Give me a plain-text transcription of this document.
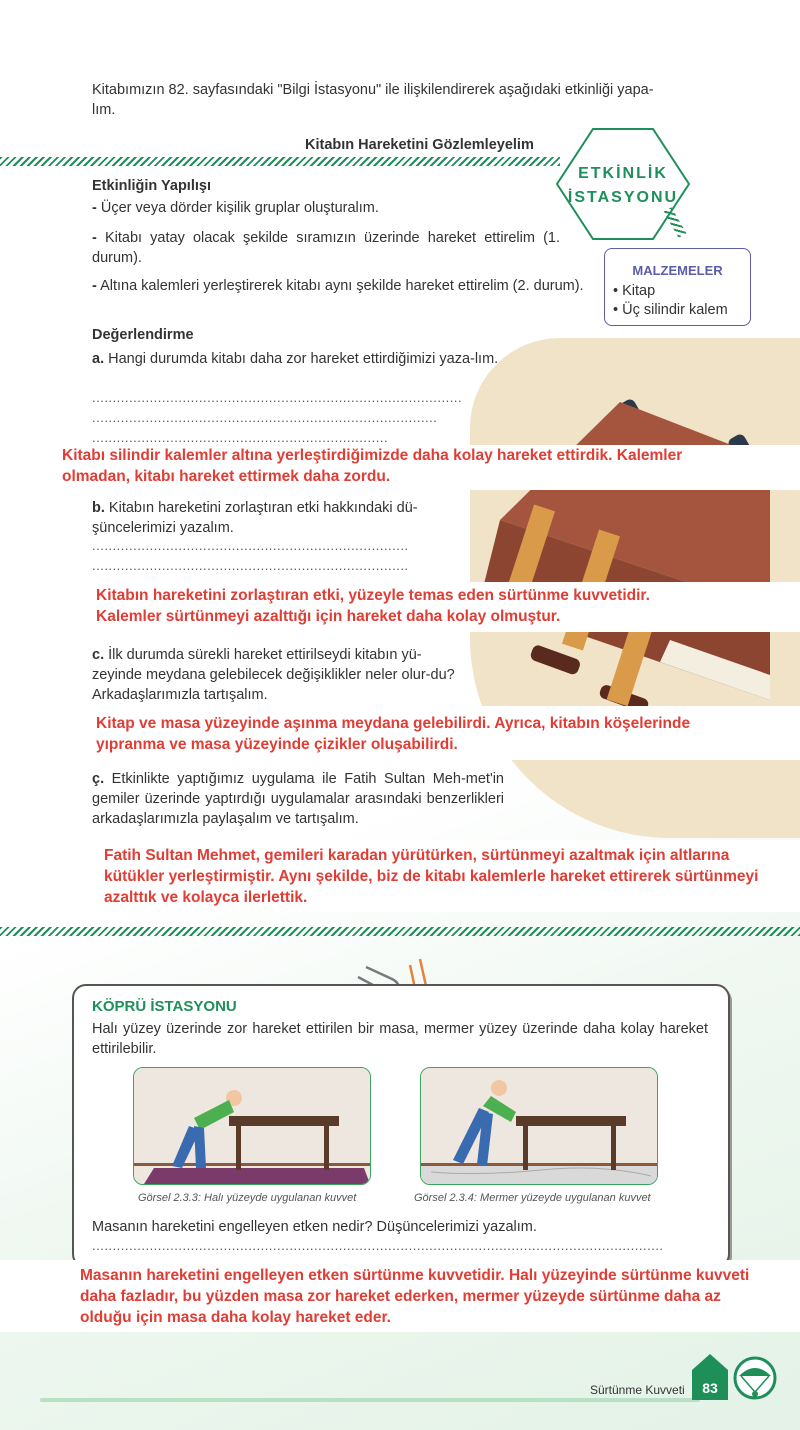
Kitabımızın 82. sayfasındaki "Bilgi İstasyonu" ile ilişkilendirerek aşağıdaki etkinliği yapa-
lım.
Kitabın Hareketini Gözlemleyelim
ETKİNLİK
İSTASYONU
MALZEMELER
• Kitap
• Üç silindir kalem
Etkinliğin Yapılışı
- Üçer veya dörder kişilik gruplar oluşturalım.
- Kitabı yatay olacak şekilde sıramızın üzerinde hareket ettirelim (1. durum).
- Altına kalemleri yerleştirerek kitabı aynı şekilde hareket ettirelim (2. durum).
Değerlendirme
a. Hangi durumda kitabı daha zor hareket ettirdiğimizi yaza-lım.
..........................................................................................
....................................................................................
........................................................................
Kitabı silindir kalemler altına yerleştirdiğimizde daha kolay hareket ettirdik. Kalemler olmadan, kitabı hareket ettirmek daha zordu.
b. Kitabın hareketini zorlaştıran etki hakkındaki dü-şüncelerimizi yazalım.
.............................................................................
.............................................................................
Kitabın hareketini zorlaştıran etki, yüzeyle temas eden sürtünme kuvvetidir. Kalemler sürtünmeyi azalttığı için hareket daha kolay olmuştur.
c. İlk durumda sürekli hareket ettirilseydi kitabın yü-zeyinde meydana gelebilecek değişiklikler neler olur-du? Arkadaşlarımızla tartışalım.
Kitap ve masa yüzeyinde aşınma meydana gelebilirdi. Ayrıca, kitabın köşelerinde yıpranma ve masa yüzeyinde çizikler oluşabilirdi.
ç. Etkinlikte yaptığımız uygulama ile Fatih Sultan Meh-met'in gemiler üzerinde yaptırdığı uygulamalar arasındaki benzerlikleri arkadaşlarımızla paylaşalım ve tartışalım.
Fatih Sultan Mehmet, gemileri karadan yürütürken, sürtünmeyi azaltmak için altlarına kütükler yerleştirmiştir. Aynı şekilde, biz de kitabı kalemlerle hareket ettirerek sürtünmeyi azalttık ve kolayca ilerlettik.
KÖPRÜ İSTASYONU
Halı yüzey üzerinde zor hareket ettirilen bir masa, mermer yüzey üzerinde daha kolay hareket ettirilebilir.
Görsel 2.3.3: Halı yüzeyde uygulanan kuvvet	Görsel 2.3.4: Mermer yüzeyde uygulanan kuvvet
Masanın hareketini engelleyen etken nedir? Düşüncelerimizi yazalım.
...........................................................................................................................................
Masanın hareketini engelleyen etken sürtünme kuvvetidir. Halı yüzeyinde sürtünme kuvveti daha fazladır, bu yüzden masa zor hareket ederken, mermer yüzeyde sürtünme daha az olduğu için masa daha kolay hareket eder.
Sürtünme Kuvveti	83
